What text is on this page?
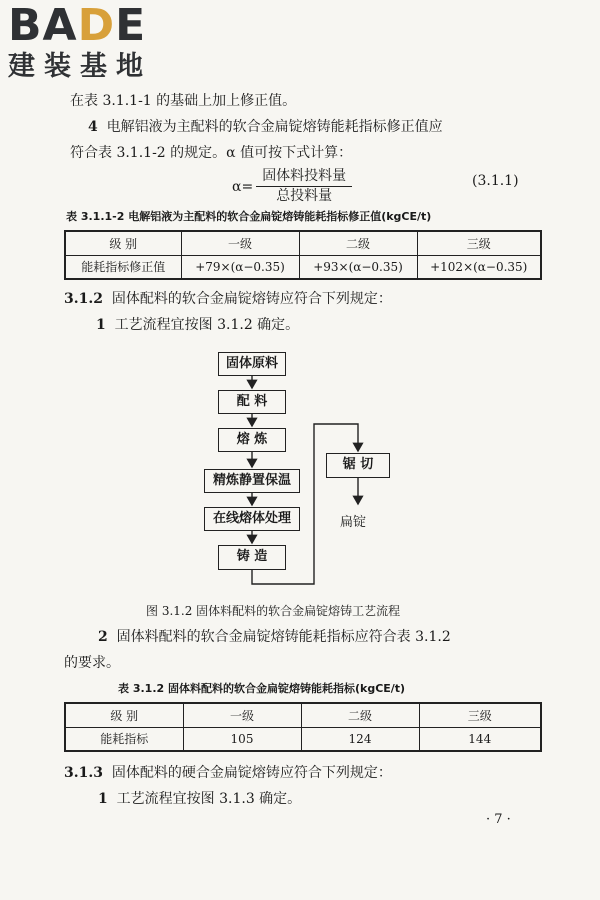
BADE
建装基地
在表 3.1.1-1 的基础上加上修正值。
4 电解铝液为主配料的软合金扁锭熔铸能耗指标修正值应
符合表 3.1.1-2 的规定。α 值可按下式计算：
$\alpha= \frac{\text{固体料投料量}}{\text{总投料量}}$	(3.1.1)
表 3.1.1-2 电解铝液为主配料的软合金扁锭熔铸能耗指标修正值(kgCE/t)
级 别	一级	二级	三级
能耗指标修正值	+79×(α−0.35)	+93×(α−0.35)	+102×(α−0.35)
3.1.2 固体配料的软合金扁锭熔铸应符合下列规定：
1 工艺流程宜按图 3.1.2 确定。
固体原料
配 料
熔 炼
精炼静置保温
在线熔体处理
铸 造
锯 切
扁锭
图 3.1.2 固体料配料的软合金扁锭熔铸工艺流程
2 固体料配料的软合金扁锭熔铸能耗指标应符合表 3.1.2
的要求。
表 3.1.2 固体料配料的软合金扁锭熔铸能耗指标(kgCE/t)
级 别	一级	二级	三级
能耗指标	105	124	144
3.1.3 固体配料的硬合金扁锭熔铸应符合下列规定：
1 工艺流程宜按图 3.1.3 确定。
· 7 ·
